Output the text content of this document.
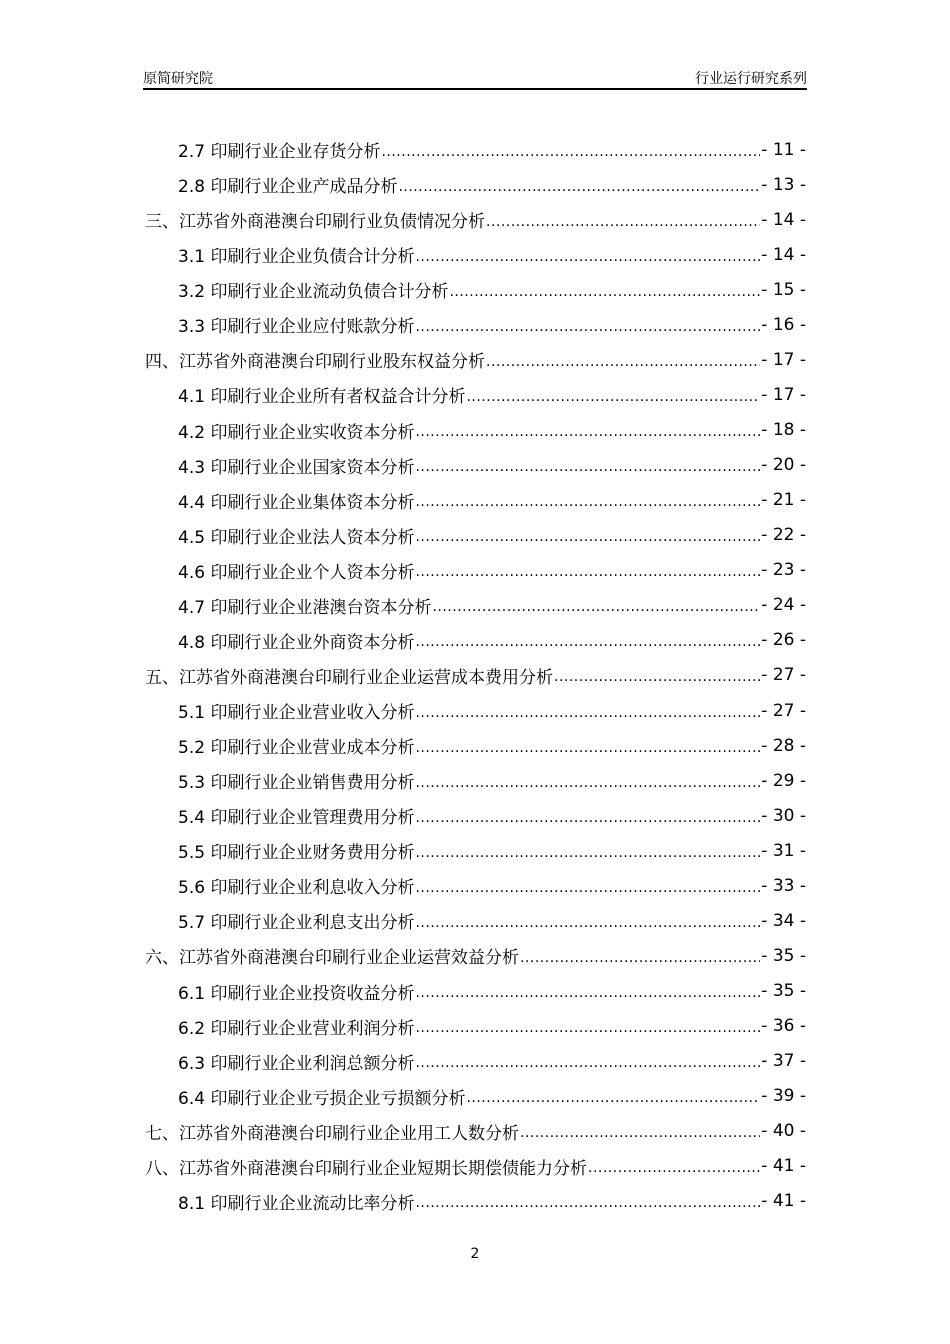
原简研究院	行业运行研究系列
2.7 印刷行业企业存货分析 .....	- 11 -
2.8 印刷行业企业产成品分析 .....	- 13 -
三、江苏省外商港澳台印刷行业负债情况分析 .....	- 14 -
3.1 印刷行业企业负债合计分析 .....	- 14 -
3.2 印刷行业企业流动负债合计分析 .....	- 15 -
3.3 印刷行业企业应付账款分析 .....	- 16 -
四、江苏省外商港澳台印刷行业股东权益分析 .....	- 17 -
4.1 印刷行业企业所有者权益合计分析 .....	- 17 -
4.2 印刷行业企业实收资本分析 .....	- 18 -
4.3 印刷行业企业国家资本分析 .....	- 20 -
4.4 印刷行业企业集体资本分析 .....	- 21 -
4.5 印刷行业企业法人资本分析 .....	- 22 -
4.6 印刷行业企业个人资本分析 .....	- 23 -
4.7 印刷行业企业港澳台资本分析 .....	- 24 -
4.8 印刷行业企业外商资本分析 .....	- 26 -
五、江苏省外商港澳台印刷行业企业运营成本费用分析 .....	- 27 -
5.1 印刷行业企业营业收入分析 .....	- 27 -
5.2 印刷行业企业营业成本分析 .....	- 28 -
5.3 印刷行业企业销售费用分析 .....	- 29 -
5.4 印刷行业企业管理费用分析 .....	- 30 -
5.5 印刷行业企业财务费用分析 .....	- 31 -
5.6 印刷行业企业利息收入分析 .....	- 33 -
5.7 印刷行业企业利息支出分析 .....	- 34 -
六、江苏省外商港澳台印刷行业企业运营效益分析 .....	- 35 -
6.1 印刷行业企业投资收益分析 .....	- 35 -
6.2 印刷行业企业营业利润分析 .....	- 36 -
6.3 印刷行业企业利润总额分析 .....	- 37 -
6.4 印刷行业企业亏损企业亏损额分析 .....	- 39 -
七、江苏省外商港澳台印刷行业企业用工人数分析 .....	- 40 -
八、江苏省外商港澳台印刷行业企业短期长期偿债能力分析 .....	- 41 -
8.1 印刷行业企业流动比率分析 .....	- 41 -
2
